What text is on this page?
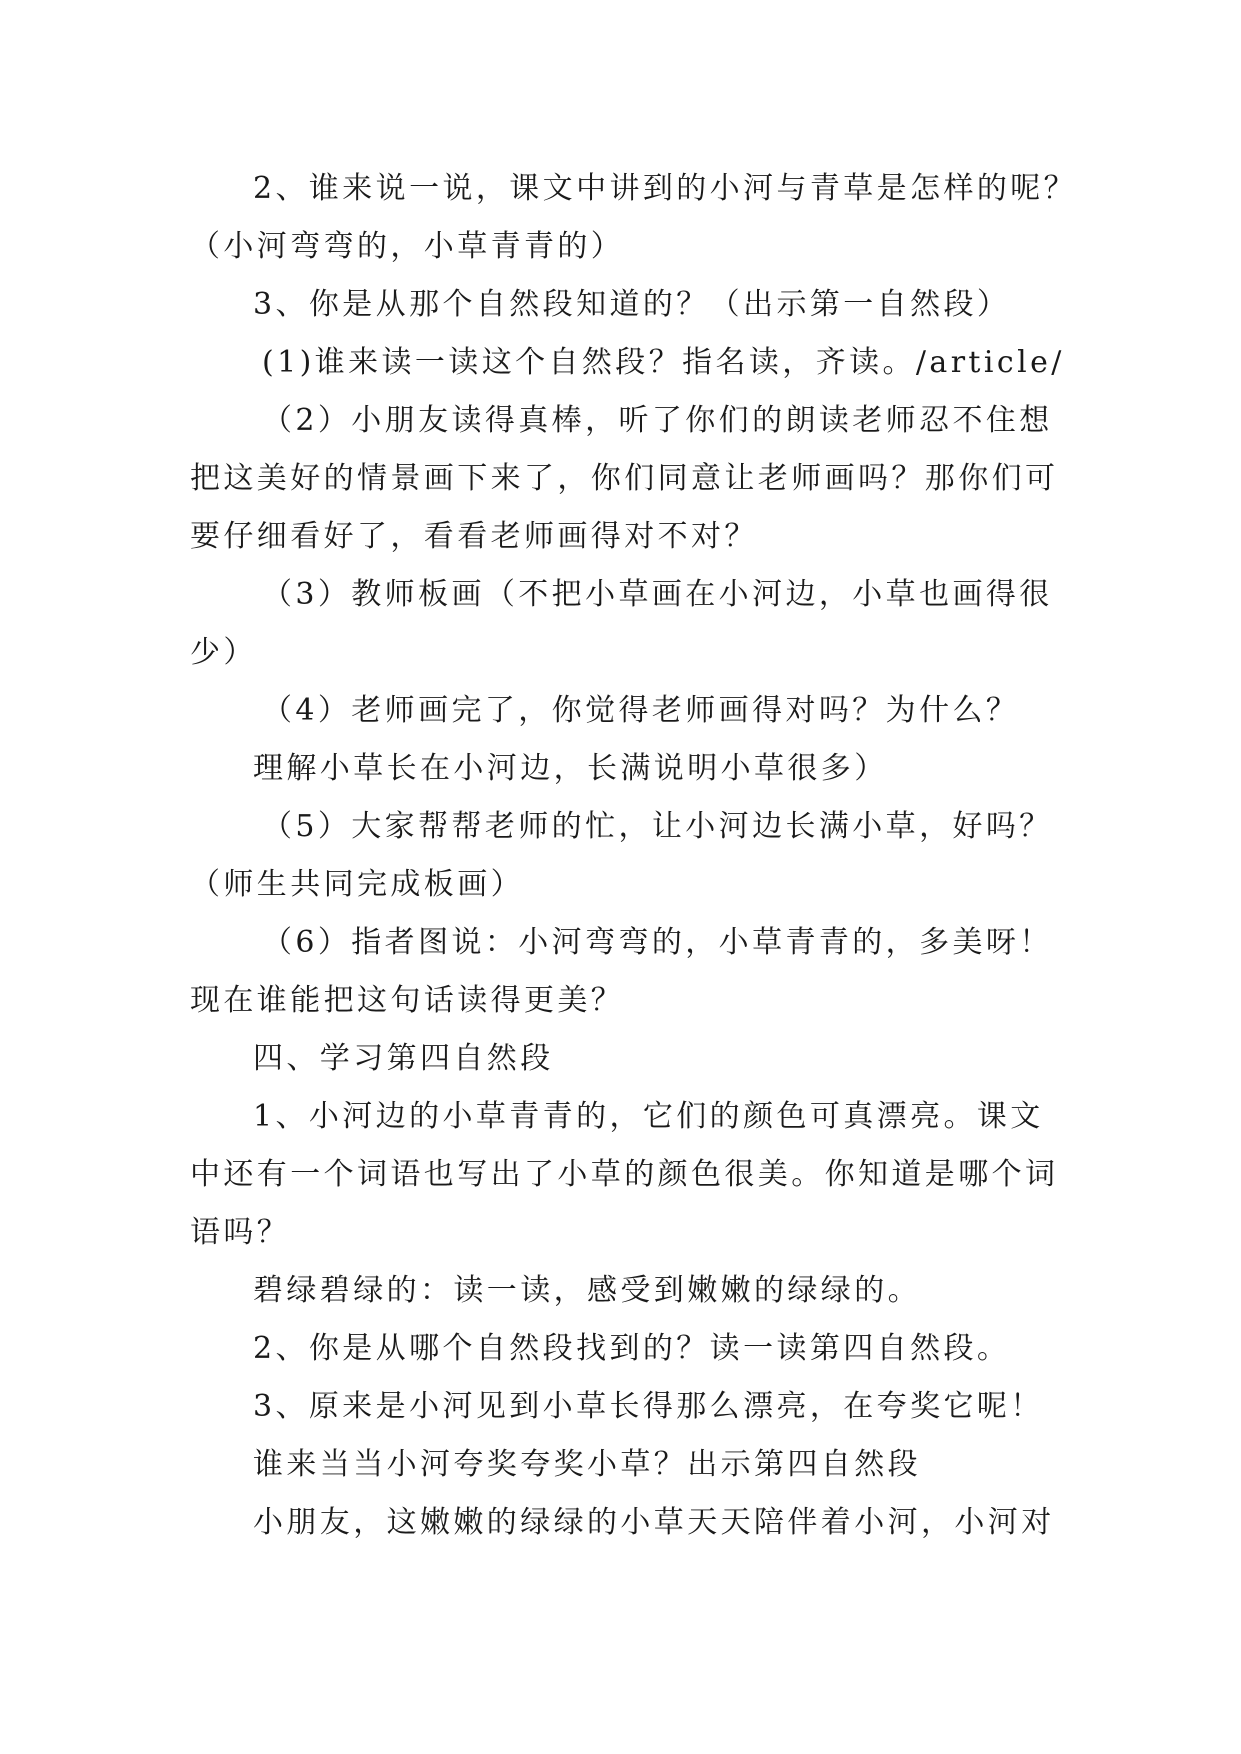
2、谁来说一说，课文中讲到的小河与青草是怎样的呢？
（小河弯弯的，小草青青的）
3、你是从那个自然段知道的？（出示第一自然段）
(1)谁来读一读这个自然段？指名读，齐读。/article/
（2）小朋友读得真棒，听了你们的朗读老师忍不住想
把这美好的情景画下来了，你们同意让老师画吗？那你们可
要仔细看好了，看看老师画得对不对？
（3）教师板画（不把小草画在小河边，小草也画得很
少）
（4）老师画完了，你觉得老师画得对吗？为什么？
理解小草长在小河边，长满说明小草很多）
（5）大家帮帮老师的忙，让小河边长满小草，好吗？
（师生共同完成板画）
（6）指者图说：小河弯弯的，小草青青的，多美呀！
现在谁能把这句话读得更美？
四、学习第四自然段
1、小河边的小草青青的，它们的颜色可真漂亮。课文
中还有一个词语也写出了小草的颜色很美。你知道是哪个词
语吗？
碧绿碧绿的：读一读，感受到嫩嫩的绿绿的。
2、你是从哪个自然段找到的？读一读第四自然段。
3、原来是小河见到小草长得那么漂亮，在夸奖它呢！
谁来当当小河夸奖夸奖小草？出示第四自然段
小朋友，这嫩嫩的绿绿的小草天天陪伴着小河，小河对
